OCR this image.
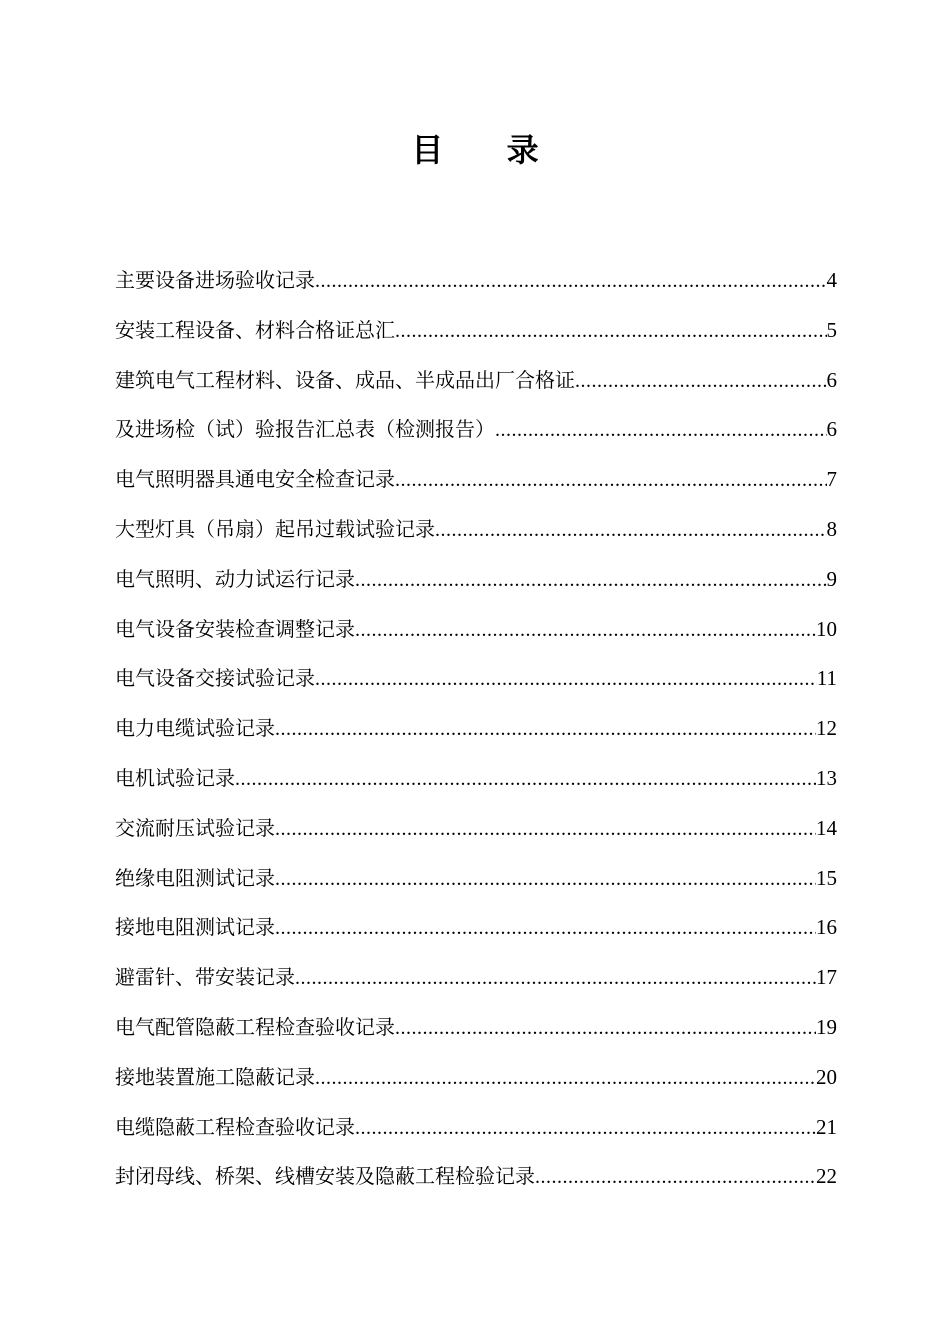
目 录
主要设备进场验收记录 .....	4
安装工程设备、材料合格证总汇 .....	5
建筑电气工程材料、设备、成品、半成品出厂合格证 .....	6
及进场检（试）验报告汇总表（检测报告） .....	6
电气照明器具通电安全检查记录 .....	7
大型灯具（吊扇）起吊过载试验记录 .....	8
电气照明、动力试运行记录 .....	9
电气设备安装检查调整记录 .....	10
电气设备交接试验记录 .....	11
电力电缆试验记录 .....	12
电机试验记录 .....	13
交流耐压试验记录 .....	14
绝缘电阻测试记录 .....	15
接地电阻测试记录 .....	16
避雷针、带安装记录 .....	17
电气配管隐蔽工程检查验收记录 .....	19
接地装置施工隐蔽记录 .....	20
电缆隐蔽工程检查验收记录 .....	21
封闭母线、桥架、线槽安装及隐蔽工程检验记录 .....	22
